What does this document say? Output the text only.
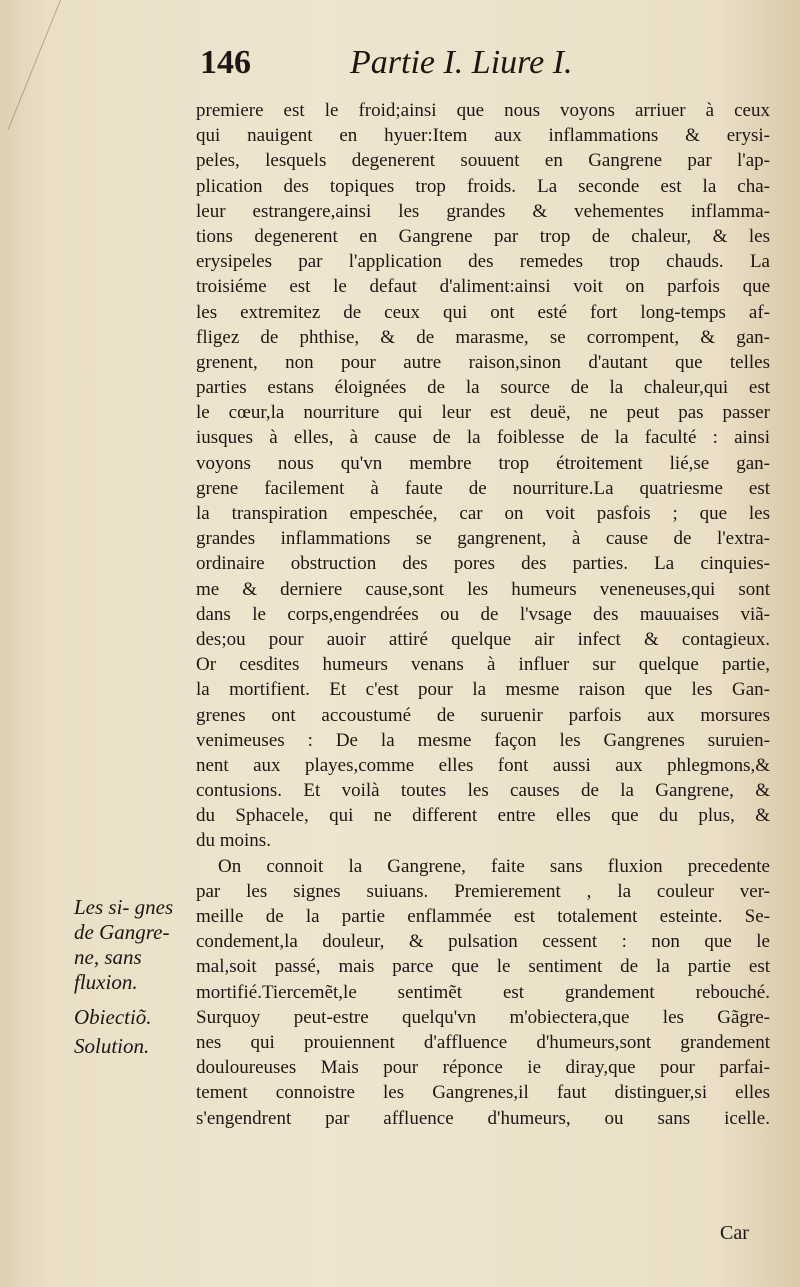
146	Partie I. Liure I.
premiere est le froid;ainsi que nous voyons arriuer à ceux
qui nauigent en hyuer:Item aux inflammations & erysi-
peles, lesquels degenerent souuent en Gangrene par l'ap-
plication des topiques trop froids. La seconde est la cha-
leur estrangere,ainsi les grandes & vehementes inflamma-
tions degenerent en Gangrene par trop de chaleur, & les
erysipeles par l'application des remedes trop chauds. La
troisiéme est le defaut d'aliment:ainsi voit on parfois que
les extremitez de ceux qui ont esté fort long-temps af-
fligez de phthise, & de marasme, se corrompent, & gan-
grenent, non pour autre raison,sinon d'autant que telles
parties estans éloignées de la source de la chaleur,qui est
le cœur,la nourriture qui leur est deuë, ne peut pas passer
iusques à elles, à cause de la foiblesse de la faculté : ainsi
voyons nous qu'vn membre trop étroitement lié,se gan-
grene facilement à faute de nourriture.La quatriesme est
la transpiration empeschée, car on voit pasfois ; que les
grandes inflammations se gangrenent, à cause de l'extra-
ordinaire obstruction des pores des parties. La cinquies-
me & derniere cause,sont les humeurs veneneuses,qui sont
dans le corps,engendrées ou de l'vsage des mauuaises viã-
des;ou pour auoir attiré quelque air infect & contagieux.
Or cesdites humeurs venans à influer sur quelque partie,
la mortifient. Et c'est pour la mesme raison que les Gan-
grenes ont accoustumé de suruenir parfois aux morsures
venimeuses : De la mesme façon les Gangrenes suruien-
nent aux playes,comme elles font aussi aux phlegmons,&
contusions. Et voilà toutes les causes de la Gangrene, &
du Sphacele, qui ne different entre elles que du plus, &
du moins.
On connoit la Gangrene, faite sans fluxion precedente
par les signes suiuans. Premierement , la couleur ver-
meille de la partie enflammée est totalement esteinte. Se-
condement,la douleur, & pulsation cessent : non que le
mal,soit passé, mais parce que le sentiment de la partie est
mortifié.Tiercemẽt,le sentimẽt est grandement rebouché.
Surquoy peut-estre quelqu'vn m'obiectera,que les Gãgre-
nes qui prouiennent d'affluence d'humeurs,sont grandement
douloureuses Mais pour réponce ie diray,que pour parfai-
tement connoistre les Gangrenes,il faut distinguer,si elles
s'engendrent par affluence d'humeurs, ou sans icelle.
Les si- gnes de Gangre- ne, sans fluxion.
Obiectiõ.
Solution.
Car
